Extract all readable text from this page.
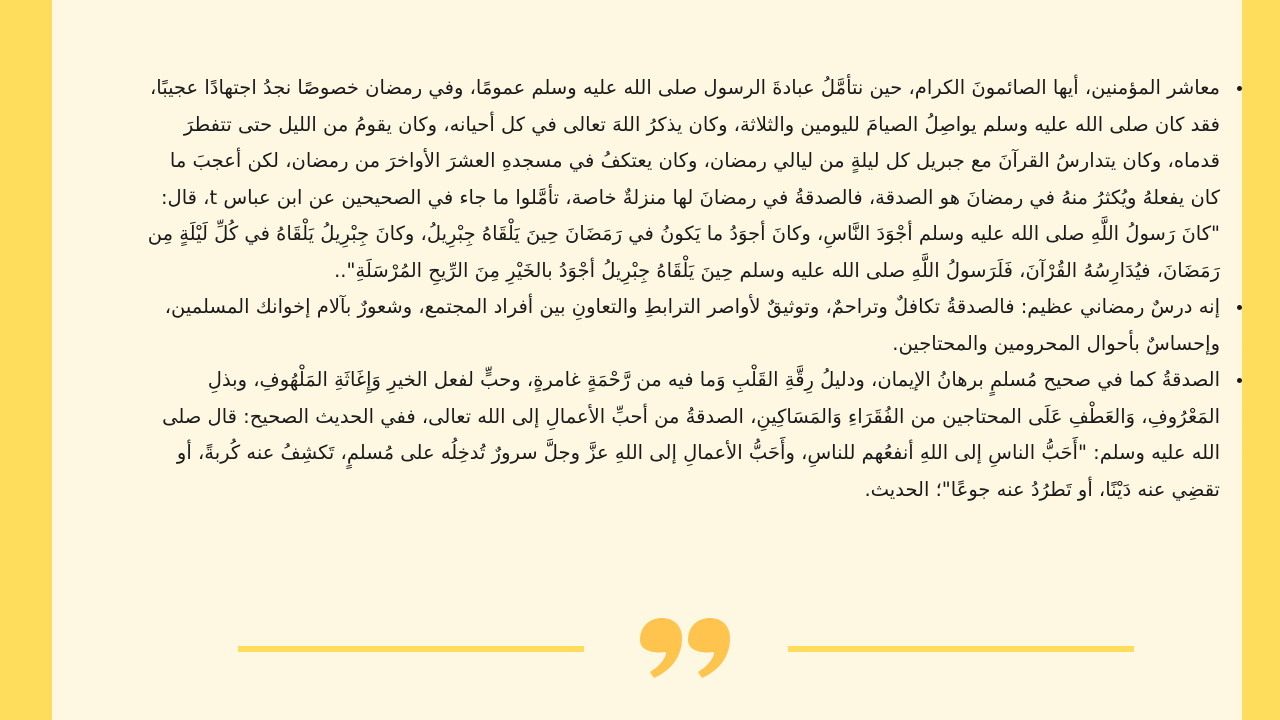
معاشر المؤمنين، أيها الصائمونَ الكرام، حين نتأمَّلُ عبادةَ الرسول صلى الله عليه وسلم عمومًا، وفي رمضان خصوصًا نجدُ اجتهادًا عجيبًا، فقد كان صلى الله عليه وسلم يواصِلُ الصيامَ لليومين والثلاثة، وكان يذكرُ اللهَ تعالى في كل أحيانه، وكان يقومُ من الليل حتى تتفطرَ قدماه، وكان يتدارسُ القرآنَ مع جبريل كل ليلةٍ من ليالي رمضان، وكان يعتكفُ في مسجدهِ العشرَ الأواخرَ من رمضان، لكن أعجبَ ما كان يفعلهُ ويُكثرُ منهُ في رمضانَ هو الصدقة، فالصدقةُ في رمضانَ لها منزلةٌ خاصة، تأمَّلوا ما جاء في الصحيحين عن ابن عباس t، قال: "كانَ رَسولُ اللَّهِ صلى الله عليه وسلم أجْوَدَ النَّاسِ، وكانَ أجوَدُ ما يَكونُ في رَمَضَانَ حِينَ يَلْقَاهُ جِبْرِيلُ، وكانَ جِبْرِيلُ يَلْقَاهُ في كُلِّ لَيْلَةٍ مِن رَمَضَانَ، فيُدَارِسُهُ القُرْآنَ، فَلَرَسولُ اللَّهِ صلى الله عليه وسلم حِينَ يَلْقَاهُ جِبْرِيلُ أجْوَدُ بالخَيْرِ مِنَ الرِّيحِ المُرْسَلَةِ"..
إنه درسٌ رمضاني عظيم: فالصدقةُ تكافلٌ وتراحمٌ، وتوثيقٌ لأواصر الترابطِ والتعاونِ بين أفراد المجتمع، وشعورٌ بآلام إخوانك المسلمين، وإحساسٌ بأحوال المحرومين والمحتاجين.
الصدقةُ كما في صحيح مُسلمٍ برهانُ الإيمان، ودليلُ رِقَّةِ القَلْبِ وَما فيه من رَّحْمَةٍ غامرةٍ، وحبٍّ لفعل الخيرِ وَإِغَاثَةِ المَلْهُوفِ، وبذلِ المَعْرُوفِ، وَالعَطْفِ عَلَى المحتاجين من الفُقَرَاءِ وَالمَسَاكِينِ، الصدقةُ من أحبِّ الأعمالِ إلى الله تعالى، ففي الحديث الصحيح: قال صلى الله عليه وسلم: "أَحَبُّ الناسِ إلى اللهِ أنفعُهم للناسِ، وأَحَبُّ الأعمالِ إلى اللهِ عزَّ وجلَّ سرورٌ تُدخِلُه على مُسلمٍ، تَكشِفُ عنه كُربةً، أو تقضِي عنه دَيْنًا، أو تَطرُدُ عنه جوعًا"؛ الحديث.
